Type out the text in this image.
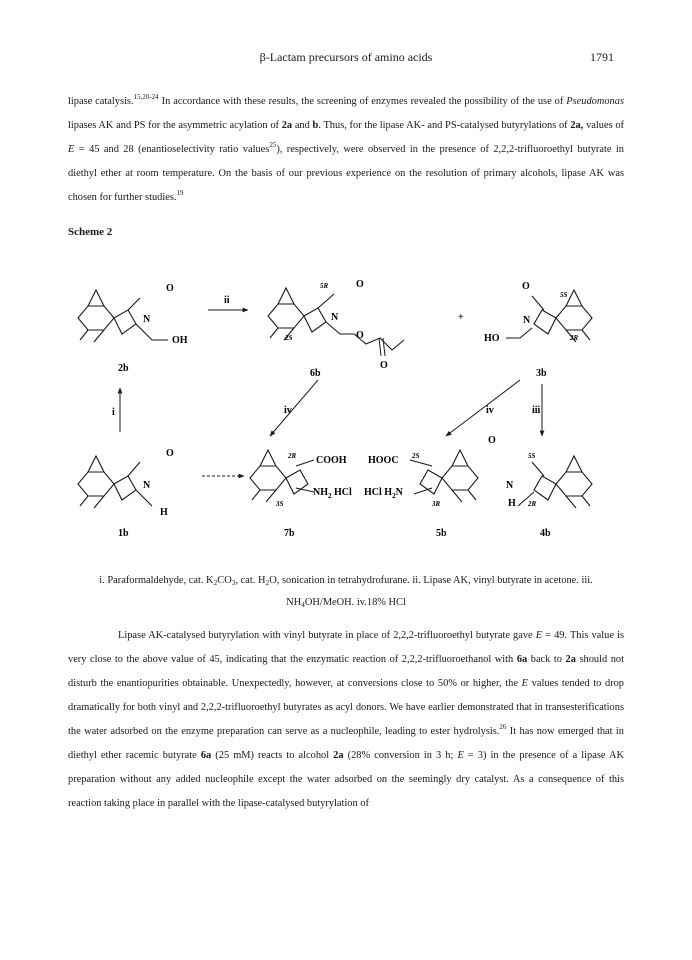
β-Lactam precursors of amino acids	1791

lipase catalysis.$^{15,20-24}$ In accordance with these results, the screening of enzymes revealed the possibility of the use of Pseudomonas lipases AK and PS for the asymmetric acylation of 2a and b. Thus, for the lipase AK- and PS-catalysed butyrylations of 2a, values of E = 45 and 28 (enantioselectivity ratio values$^{25}$), respectively, were observed in the presence of 2,2,2-trifluoroethyl butyrate in diethyl ether at room temperature. On the basis of our previous experience on the resolution of primary alcohols, lipase AK was chosen for further studies.$^{19}$

Scheme 2
O
N
OH
2b
ii
O
N
O
O
5R
2S
6b
+
O
N
HO
5S
2R
3b
i	iv	iv	iii
O
N
H
1b
COOH
$NH_2$ HCl
2R
3S
7b
HOOC
HCl $H_2N$
2S
3R
5b
O
N
H
5S
2R
4b

i. Paraformaldehyde, cat. $K_2CO_3$, cat. $H_2O$, sonication in tetrahydrofurane. ii. Lipase AK, vinyl butyrate in acetone. iii. $NH_4OH$/MeOH. iv.18% HCl

Lipase AK-catalysed butyrylation with vinyl butyrate in place of 2,2,2-trifluoroethyl butyrate gave E = 49. This value is very close to the above value of 45, indicating that the enzymatic reaction of 2,2,2-trifluoroethanol with 6a back to 2a should not disturb the enantiopurities obtainable. Unexpectedly, however, at conversions close to 50% or higher, the E values tended to drop dramatically for both vinyl and 2,2,2-trifluoroethyl butyrates as acyl donors. We have earlier demonstrated that in transesterifications the water adsorbed on the enzyme preparation can serve as a nucleophile, leading to ester hydrolysis.$^{26}$ It has now emerged that in diethyl ether racemic butyrate 6a (25 mM) reacts to alcohol 2a (28% conversion in 3 h; E = 3) in the presence of a lipase AK preparation without any added nucleophile except the water adsorbed on the seemingly dry catalyst. As a consequence of this reaction taking place in parallel with the lipase-catalysed butyrylation of
